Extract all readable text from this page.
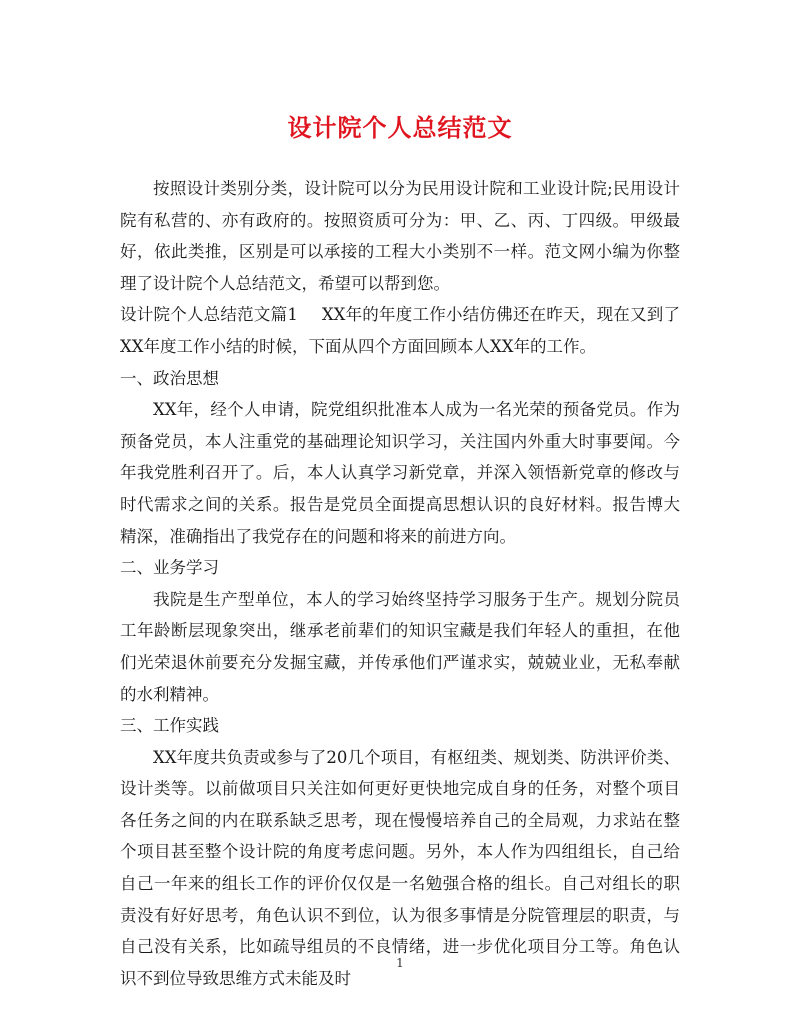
设计院个人总结范文

按照设计类别分类，设计院可以分为民用设计院和工业设计院;民用设计院有私营的、亦有政府的。按照资质可分为：甲、乙、丙、丁四级。甲级最好，依此类推，区别是可以承接的工程大小类别不一样。范文网小编为你整理了设计院个人总结范文，希望可以帮到您。

设计院个人总结范文篇1 XX年的年度工作小结仿佛还在昨天，现在又到了XX年度工作小结的时候，下面从四个方面回顾本人XX年的工作。

一、政治思想

XX年，经个人申请，院党组织批准本人成为一名光荣的预备党员。作为预备党员，本人注重党的基础理论知识学习，关注国内外重大时事要闻。今年我党胜利召开了。后，本人认真学习新党章，并深入领悟新党章的修改与时代需求之间的关系。报告是党员全面提高思想认识的良好材料。报告博大精深，准确指出了我党存在的问题和将来的前进方向。

二、业务学习

我院是生产型单位，本人的学习始终坚持学习服务于生产。规划分院员工年龄断层现象突出，继承老前辈们的知识宝藏是我们年轻人的重担，在他们光荣退休前要充分发掘宝藏，并传承他们严谨求实，兢兢业业，无私奉献的水利精神。

三、工作实践

XX年度共负责或参与了20几个项目，有枢纽类、规划类、防洪评价类、设计类等。以前做项目只关注如何更好更快地完成自身的任务，对整个项目各任务之间的内在联系缺乏思考，现在慢慢培养自己的全局观，力求站在整个项目甚至整个设计院的角度考虑问题。另外，本人作为四组组长，自己给自己一年来的组长工作的评价仅仅是一名勉强合格的组长。自己对组长的职责没有好好思考，角色认识不到位，认为很多事情是分院管理层的职责，与自己没有关系，比如疏导组员的不良情绪，进一步优化项目分工等。角色认识不到位导致思维方式未能及时

1
